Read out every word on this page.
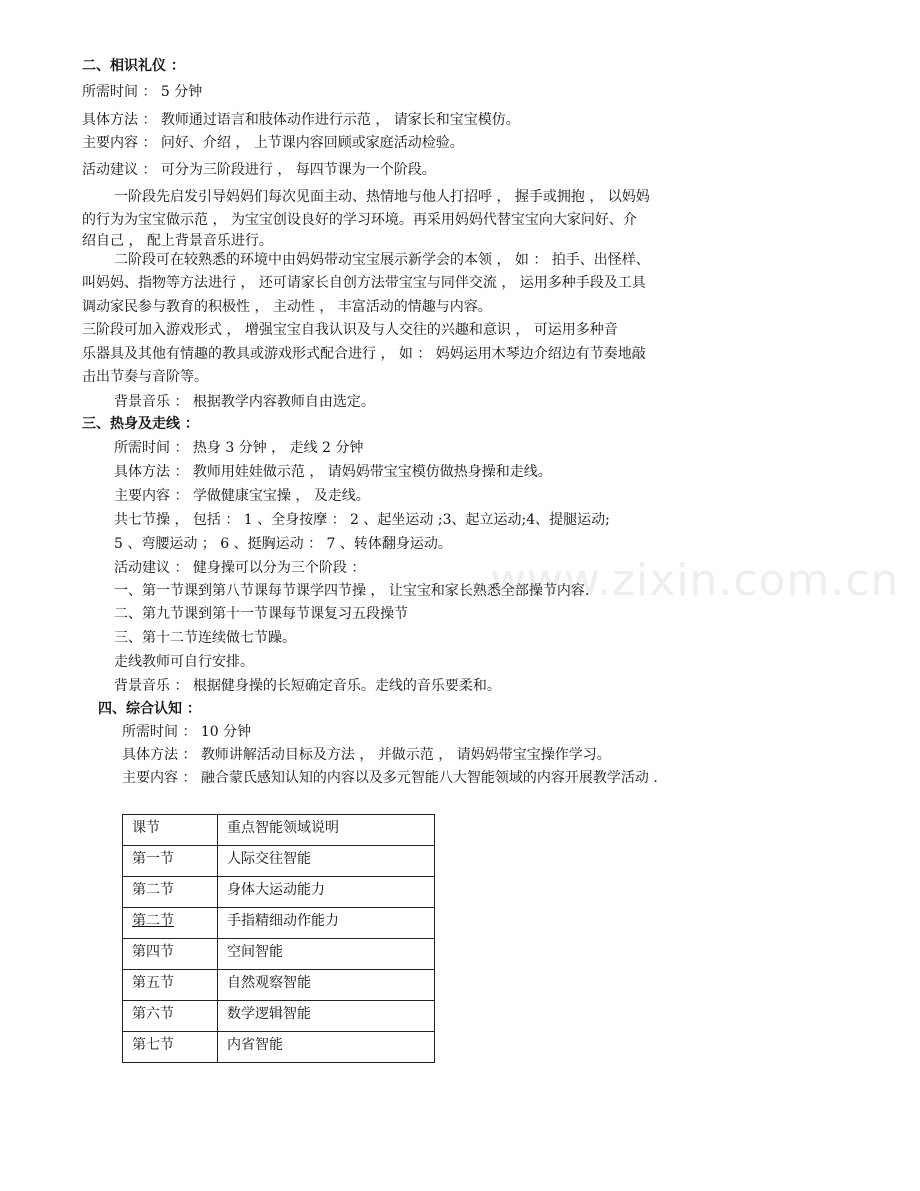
www.zixin.com.cn
二、相识礼仪 ：
所需时间 ： 5 分钟
具体方法 ： 教师通过语言和肢体动作进行示范 ， 请家长和宝宝模仿。
主要内容 ： 问好、介绍 ， 上节课内容回顾或家庭活动检验。
活动建议 ： 可分为三阶段进行 ， 每四节课为一个阶段。
一阶段先启发引导妈妈们每次见面主动、热情地与他人打招呼 ， 握手或拥抱 ， 以妈妈
的行为为宝宝做示范 ， 为宝宝创设良好的学习环境。再采用妈妈代替宝宝向大家问好、介
绍自己 ， 配上背景音乐进行。
二阶段可在较熟悉的环境中由妈妈带动宝宝展示新学会的本领 ， 如 ： 拍手、出怪样、
叫妈妈、指物等方法进行 ， 还可请家长自创方法带宝宝与同伴交流 ， 运用多种手段及工具
调动家民参与教育的积极性 ， 主动性 ， 丰富活动的情趣与内容。
三阶段可加入游戏形式 ， 增强宝宝自我认识及与人交往的兴趣和意识 ， 可运用多种音
乐器具及其他有情趣的教具或游戏形式配合进行 ， 如 ： 妈妈运用木琴边介绍边有节奏地敲
击出节奏与音阶等。
背景音乐 ： 根据教学内容教师自由选定。
三、热身及走线 ：
所需时间 ： 热身 3 分钟 ， 走线 2 分钟
具体方法 ： 教师用娃娃做示范 ， 请妈妈带宝宝模仿做热身操和走线。
主要内容 ： 学做健康宝宝操 ， 及走线。
共七节操 ， 包括 ： 1 、全身按摩 ： 2 、起坐运动 ;3、起立运动;4、提腿运动;
5 、弯腰运动 ； 6 、挺胸运动 ： 7 、转体翻身运动。
活动建议 ： 健身操可以分为三个阶段 ：
一、第一节课到第八节课每节课学四节操 ， 让宝宝和家长熟悉全部操节内容.
二、第九节课到第十一节课每节课复习五段操节
三、第十二节连续做七节躁。
走线教师可自行安排。
背景音乐 ： 根据健身操的长短确定音乐。走线的音乐要柔和。
四、综合认知 ：
所需时间 ： 10 分钟
具体方法 ： 教师讲解活动目标及方法 ， 并做示范 ， 请妈妈带宝宝操作学习。
主要内容 ： 融合蒙氏感知认知的内容以及多元智能八大智能领域的内容开展教学活动 .
课节	重点智能领域说明
第一节	人际交往智能
第二节	身体大运动能力
第二节	手指精细动作能力
第四节	空间智能
第五节	自然观察智能
第六节	数学逻辑智能
第七节	内省智能
